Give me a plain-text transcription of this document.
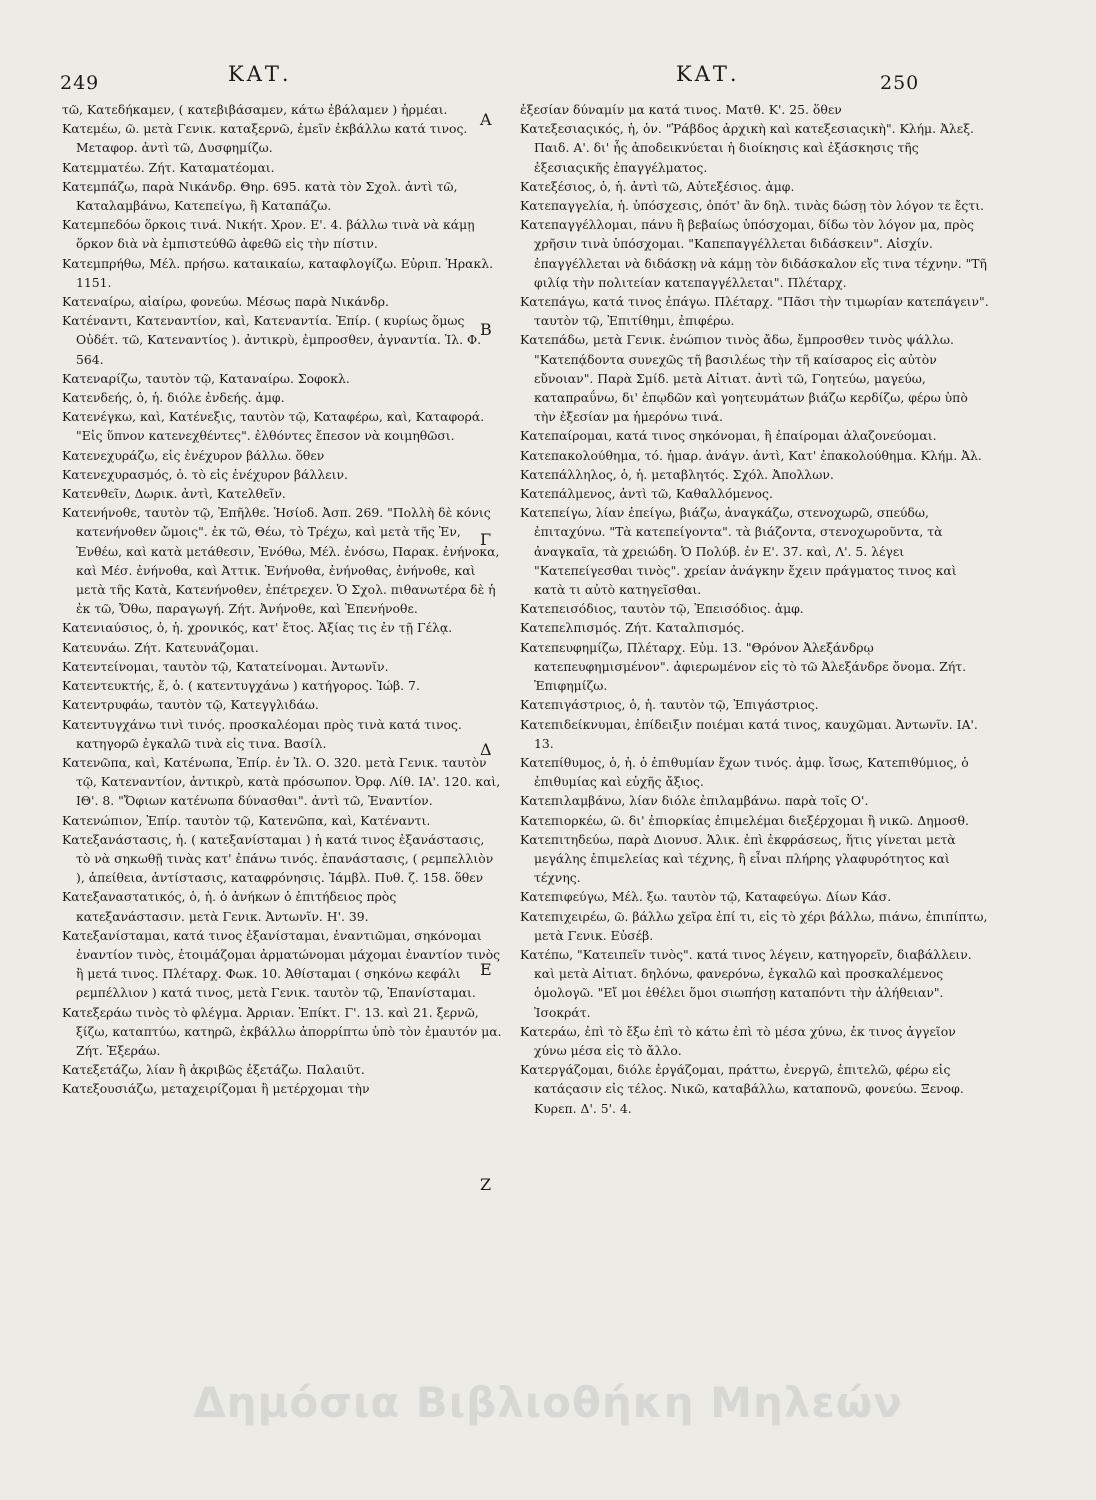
249	ΚΑΤ.	ΚΑΤ.	250

τῶ, Κατεδήκαμεν, ( κατεβιβάσαμεν, κάτω ἐβάλαμεν ) ἠρμέαι.

Κατεμέω, ῶ. μετὰ Γενικ. καταξερνῶ, ἐμεῖν ἐκβάλλω κατά τινος. Μεταφορ. ἀντὶ τῶ, Δυσφημίζω.

Κατεμματέω. Ζήτ. Καταματέομαι.

Κατεμπάζω, παρὰ Νικάνδρ. Θηρ. 695. κατὰ τὸν Σχολ. ἀντὶ τῶ, Καταλαμβάνω, Κατεπείγω, ἢ Καταπάζω.

Κατεμπεδόω ὅρκοις τινά. Νικήτ. Χρον. Ε'. 4. βάλλω τινὰ νὰ κάμῃ ὅρκον διὰ νὰ ἐμπιστεύθῶ ἀφεθῶ εἰς τὴν πίστιν.

Κατεμπρήθω, Μέλ. πρήσω. καταικαίω, καταφλογίζω. Εὐριπ. Ἡρακλ. 1151.

Κατεναίρω, αἰαίρω, φονεύω. Μέσως παρὰ Νικάνδρ.

Κατέναντι, Κατεναντίον, καὶ, Κατεναντία. Ἐπίρ. ( κυρίως ὅμως Οὐδέτ. τῶ, Κατεναντίος ). ἀντικρὺ, ἐμπροσθεν, ἀγναντία. Ἰλ. Φ. 564.

Κατεναρίζω, ταυτὸν τῷ, Καταναίρω. Σοφοκλ.

Κατενδεής, ὁ, ἡ. διόλε ἐνδεής. ἀμφ.

Κατενέγκω, καὶ, Κατένεξις, ταυτὸν τῷ, Καταφέρω, καὶ, Καταφορά. "Εἰς ὕπνον κατενεχθέντες". ἐλθόντες ἔπεσον νὰ κοιμηθῶσι.

Κατενεχυράζω, εἰς ἐνέχυρον βάλλω. ὅθεν

Κατενεχυρασμός, ὁ. τὸ εἰς ἐνέχυρον βάλλειν.

Κατενθεῖν, Δωρικ. ἀντὶ, Κατελθεῖν.

Κατενήνοθε, ταυτὸν τῷ, Ἐπῆλθε. Ἡσίοδ. Ἀσπ. 269. "Πολλὴ δὲ κόνις κατενήνοθεν ὤμοις". ἐκ τῶ, Θέω, τὸ Τρέχω, καὶ μετὰ τῆς Ἐν, Ἐνθέω, καὶ κατὰ μετάθεσιν, Ἐνόθω, Μέλ. ἐνόσω, Παρακ. ἐνήνοκα, καὶ Μέσ. ἐνήνοθα, καὶ Ἀττικ. Ἐνήνοθα, ἐνήνοθας, ἐνήνοθε, καὶ μετὰ τῆς Κατὰ, Κατενήνοθεν, ἐπέτρεχεν. Ὁ Σχολ. πιθανωτέρα δὲ ἡ ἐκ τῶ, Ὄθω, παραγωγή. Ζήτ. Ἀνήνοθε, καὶ Ἐπενήνοθε.

Κατενιαύσιος, ὁ, ἡ. χρονικός, κατ' ἔτος. Ἀξίας τις ἐν τῇ Γέλᾳ.

Κατευνάω. Ζήτ. Κατευνάζομαι.

Κατεντείνομαι, ταυτὸν τῷ, Κατατείνομαι. Ἀντωνῖν.

Κατεντευκτής, ἕ, ὁ. ( κατεντυγχάνω ) κατήγορος. Ἰώβ. 7.

Κατεντρυφάω, ταυτὸν τῷ, Κατεγγλιδάω.

Κατεντυγχάνω τινὶ τινός. προσκαλέομαι πρὸς τινὰ κατά τινος. κατηγορῶ ἐγκαλῶ τινὰ εἰς τινα. Βασίλ.

Κατενῶπα, καὶ, Κατένωπα, Ἐπίρ. ἐν Ἰλ. Ο. 320. μετὰ Γενικ. ταυτὸν τῷ, Κατεναντίον, ἀντικρὺ, κατὰ πρόσωπον. Ὀρφ. Λίθ. ΙΑ'. 120. καὶ, ΙΘ'. 8. "Ὄφιων κατένωπα δύνασθαι". ἀντὶ τῶ, Ἐναντίον.

Κατενώπιον, Ἐπίρ. ταυτὸν τῷ, Κατενῶπα, καὶ, Κατέναντι.

Κατεξανάστασις, ἡ. ( κατεξανίσταμαι ) ἡ κατά τινος ἐξανάστασις, τὸ νὰ σηκωθῇ τινὰς κατ' ἐπάνω τινός. ἐπανάστασις, ( ρεμπελλιὸν ), ἀπείθεια, ἀντίστασις, καταφρόνησις. Ἰάμβλ. Πυθ. ζ. 158. ὅθεν

Κατεξαναστατικός, ὁ, ἡ. ὁ ἀνήκων ὁ ἐπιτήδειος πρὸς κατεξανάστασιν. μετὰ Γενικ. Ἀντωνῖν. Η'. 39.

Κατεξανίσταμαι, κατά τινος ἐξανίσταμαι, ἐναντιῶμαι, σηκόνομαι ἐναντίον τινὸς, ἑτοιμάζομαι ἀρματώνομαι μάχομαι ἐναντίον τινὸς ἢ μετά τινος. Πλέταρχ. Φωκ. 10. Ἀθίσταμαι ( σηκόνω κεφάλι ρεμπέλλιον ) κατά τινος, μετὰ Γενικ. ταυτὸν τῷ, Ἐπανίσταμαι.

Κατεξεράω τινὸς τὸ φλέγμα. Ἀρριαν. Ἐπίκτ. Γ'. 13. καὶ 21. ξερνῶ, ξίζω, καταπτύω, κατηρῶ, ἐκβάλλω ἀπορρίπτω ὑπὸ τὸν ἐμαυτόν μα. Ζήτ. Ἐξεράω.

Κατεξετάζω, λίαν ἢ ἀκριβῶς ἐξετάζω. Παλαιῦτ.

Κατεξουσιάζω, μεταχειρίζομαι ἢ μετέρχομαι τὴν

Α
Β
Γ
Δ
Ε
Ζ

ἐξεσίαν δύναμίν μα κατά τινος. Ματθ. Κ'. 25. ὅθεν

Κατεξεσιαςικός, ἡ, ὁν. "Ῥάβδος ἀρχικὴ καὶ κατεξεσιαςικὴ". Κλήμ. Ἀλεξ. Παιδ. Α'. δι' ἧς ἀποδεικνύεται ἡ διοίκησις καὶ ἐξάσκησις τῆς ἐξεσιαςικῆς ἐπαγγέλματος.

Κατεξέσιος, ὁ, ἡ. ἀντὶ τῶ, Αὐτεξέσιος. ἀμφ.

Κατεπαγγελία, ἡ. ὑπόσχεσις, ὁπότ' ἂν δηλ. τινὰς δώσῃ τὸν λόγον τε ἔςτι.

Κατεπαγγέλλομαι, πάνυ ἢ βεβαίως ὑπόσχομαι, δίδω τὸν λόγον μα, πρὸς χρῆσιν τινὰ ὑπόσχομαι. "Καπεπαγγέλλεται διδάσκειν". Αἰσχίν. ἐπαγγέλλεται νὰ διδάσκῃ νὰ κάμῃ τὸν διδάσκαλον εἴς τινα τέχνην. "Τῆ φιλίᾳ τὴν πολιτείαν κατεπαγγέλλεται". Πλέταρχ.

Κατεπάγω, κατά τινος ἐπάγω. Πλέταρχ. "Πᾶσι τὴν τιμωρίαν κατεπάγειν". ταυτὸν τῷ, Ἐπιτίθημι, ἐπιφέρω.

Κατεπάδω, μετὰ Γενικ. ἐνώπιον τινὸς ἄδω, ἔμπροσθεν τινὸς ψάλλω. "Κατεπᾴδοντα συνεχῶς τῆ βασιλέως τὴν τῆ καίσαρος εἰς αὐτὸν εὔνοιαν". Παρὰ Σμίδ. μετὰ Αἰτιατ. ἀντὶ τῶ, Γοητεύω, μαγεύω, καταπραΰνω, δι' ἐπῳδῶν καὶ γοητευμάτων βιάζω κερδίζω, φέρω ὑπὸ τὴν ἐξεσίαν μα ἡμερόνω τινά.

Κατεπαίρομαι, κατά τινος σηκόνομαι, ἢ ἐπαίρομαι ἀλαζονεύομαι.

Κατεπακολούθημα, τό. ἡμαρ. ἀνάγν. ἀντὶ, Κατ' ἐπακολούθημα. Κλήμ. Ἀλ.

Κατεπάλληλος, ὁ, ἡ. μεταβλητός. Σχόλ. Ἀπολλων.

Κατεπάλμενος, ἀντὶ τῶ, Καθαλλόμενος.

Κατεπείγω, λίαν ἐπείγω, βιάζω, ἀναγκάζω, στενοχωρῶ, σπεύδω, ἐπιταχύνω. "Τὰ κατεπείγοντα". τὰ βιάζοντα, στενοχωροῦντα, τὰ ἀναγκαῖα, τὰ χρειώδη. Ὁ Πολύβ. ἐν Ε'. 37. καὶ, Λ'. 5. λέγει "Κατεπείγεσθαι τινὸς". χρείαν ἀνάγκην ἔχειν πράγματος τινος καὶ κατὰ τι αὐτὸ κατηγεῖσθαι.

Κατεπεισόδιος, ταυτὸν τῷ, Ἐπεισόδιος. ἀμφ.

Κατεπελπισμός. Ζήτ. Καταλπισμός.

Κατεπευφημίζω, Πλέταρχ. Εὐμ. 13. "Θρόνον Ἀλεξάνδρῳ κατεπευφημισμένον". ἀφιερωμένον εἰς τὸ τῶ Ἀλεξάνδρε ὄνομα. Ζήτ. Ἐπιφημίζω.

Κατεπιγάστριος, ὁ, ἡ. ταυτὸν τῷ, Ἐπιγάστριος.

Κατεπιδείκνυμαι, ἐπίδειξιν ποιέμαι κατά τινος, καυχῶμαι. Ἀντωνῖν. ΙΑ'. 13.

Κατεπίθυμος, ὁ, ἡ. ὁ ἐπιθυμίαν ἔχων τινός. ἀμφ. ἴσως, Κατεπιθύμιος, ὁ ἐπιθυμίας καὶ εὐχῆς ἄξιος.

Κατεπιλαμβάνω, λίαν διόλε ἐπιλαμβάνω. παρὰ τοῖς Ο'.

Κατεπιορκέω, ῶ. δι' ἐπιορκίας ἐπιμελέμαι διεξέρχομαι ἢ νικῶ. Δημοσθ.

Κατεπιτηδεύω, παρὰ Διονυσ. Ἁλικ. ἐπὶ ἐκφράσεως, ἥτις γίνεται μετὰ μεγάλης ἐπιμελείας καὶ τέχνης, ἢ εἶναι πλήρης γλαφυρότητος καὶ τέχνης.

Κατεπιφεύγω, Μέλ. ξω. ταυτὸν τῷ, Καταφεύγω. Δίων Κάσ.

Κατεπιχειρέω, ῶ. βάλλω χεῖρα ἐπί τι, εἰς τὸ χέρι βάλλω, πιάνω, ἐπιπίπτω, μετὰ Γενικ. Εὐσέβ.

Κατέπω, "Κατειπεῖν τινὸς". κατά τινος λέγειν, κατηγορεῖν, διαβάλλειν. καὶ μετὰ Αἰτιατ. δηλόνω, φανερόνω, ἐγκαλῶ καὶ προσκαλέμενος ὁμολογῶ. "Εἴ μοι ἐθέλει ὅμοι σιωπήσῃ καταπόντι τὴν ἀλήθειαν". Ἰσοκράτ.

Κατεράω, ἐπὶ τὸ ἔξω ἐπὶ τὸ κάτω ἐπὶ τὸ μέσα χύνω, ἐκ τινος ἀγγεῖον χύνω μέσα εἰς τὸ ἄλλο.

Κατεργάζομαι, διόλε ἐργάζομαι, πράττω, ἐνεργῶ, ἐπιτελῶ, φέρω εἰς κατάςασιν εἰς τέλος. Νικῶ, καταβάλλω, καταπονῶ, φονεύω. Ξενοφ. Κυρεπ. Δ'. 5'. 4.

Δημόσια Βιβλιοθήκη Μηλεών
